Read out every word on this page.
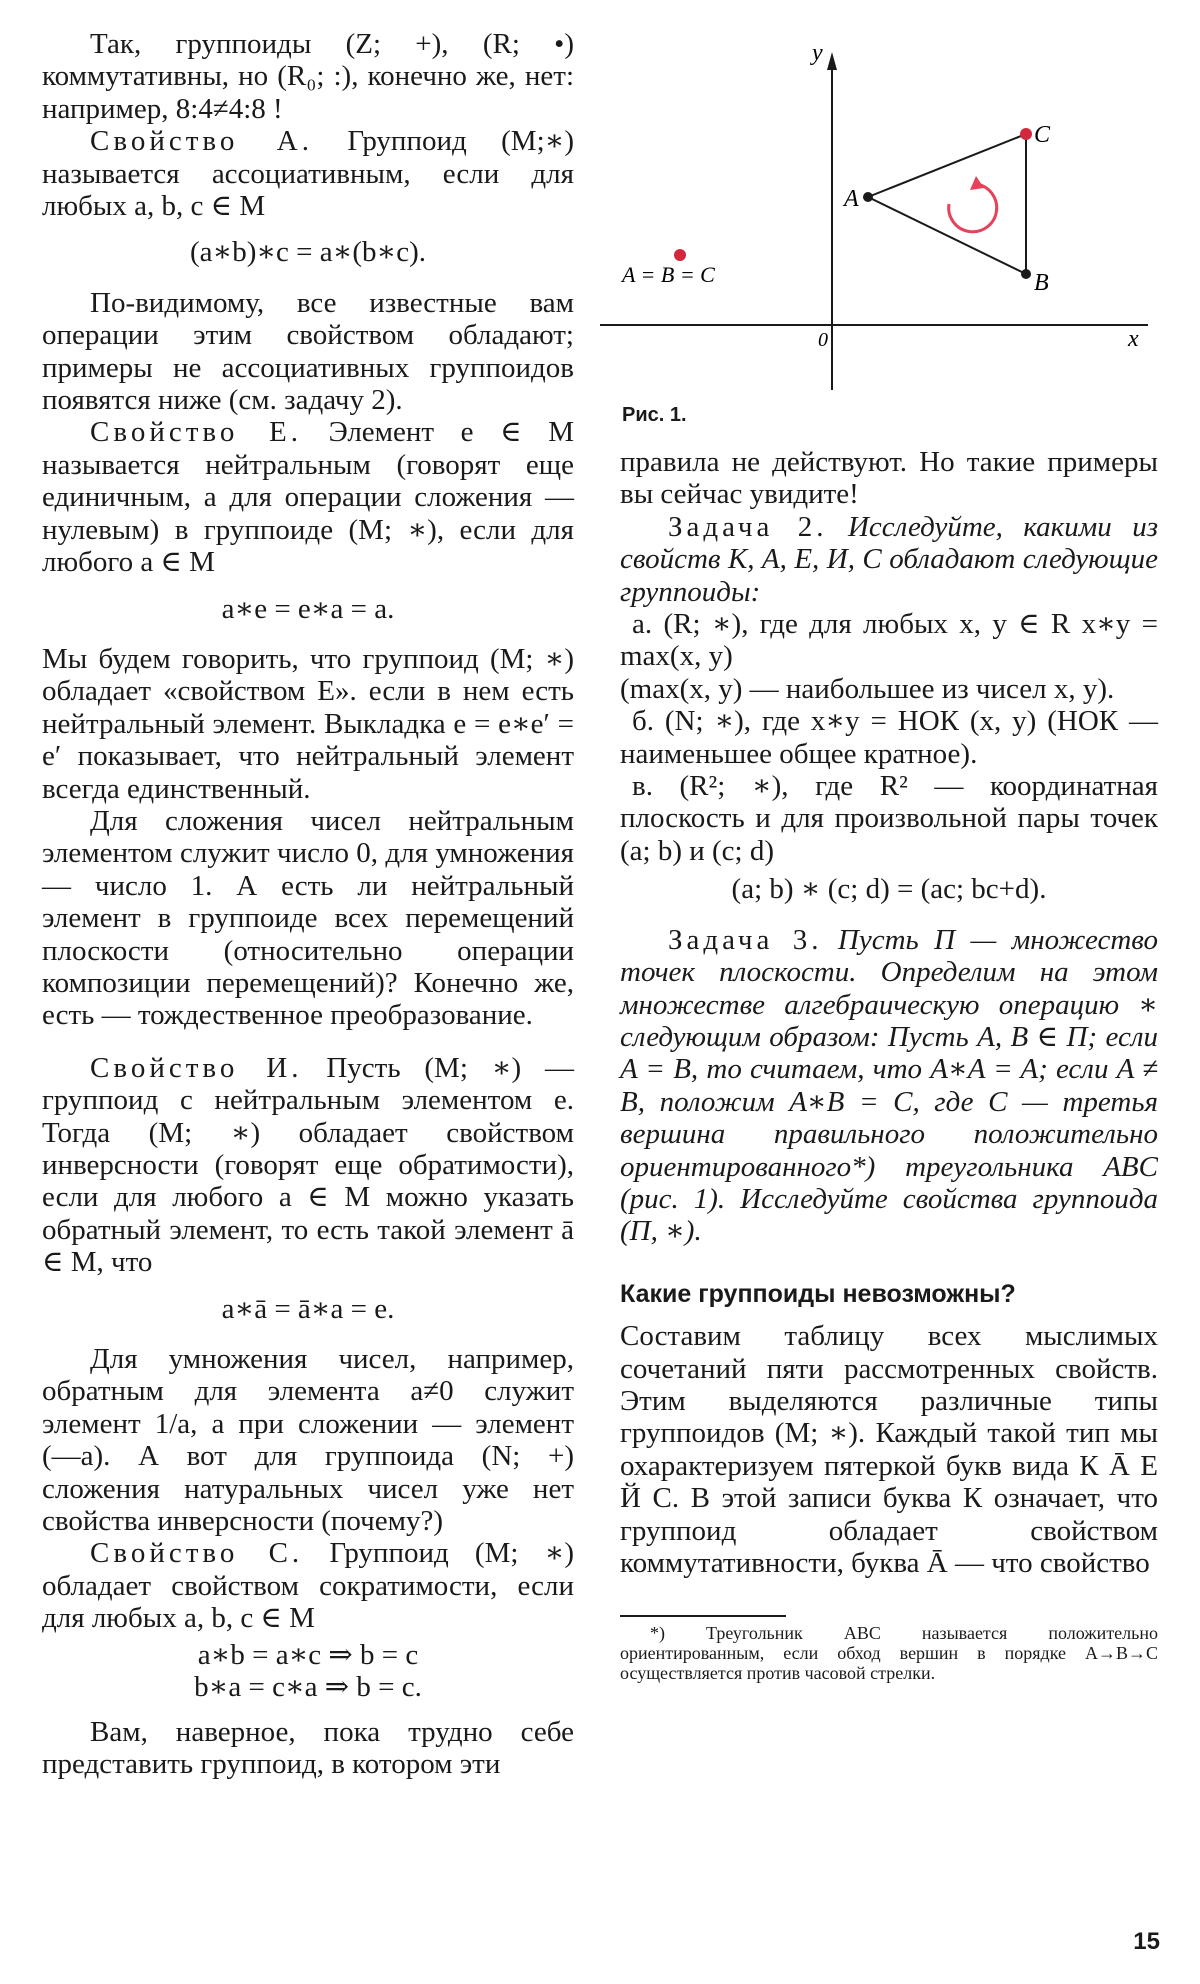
Так, группоиды (Z; +), (R; •) коммутативны, но (R₀; :), конечно же, нет: например, 8:4≠4:8 !

Свойство А. Группоид (M;∗) называется ассоциативным, если для любых a, b, c ∈ M

(a∗b)∗c = a∗(b∗c).

По-видимому, все известные вам операции этим свойством обладают; примеры не ассоциативных группоидов появятся ниже (см. задачу 2).

Свойство Е. Элемент e ∈ M называется нейтральным (говорят еще единичным, а для операции сложения — нулевым) в группоиде (M; ∗), если для любого a ∈ M

a∗e = e∗a = a.

Мы будем говорить, что группоид (M; ∗) обладает «свойством Е». если в нем есть нейтральный элемент. Выкладка e = e∗e′ = e′ показывает, что нейтральный элемент всегда единственный.

Для сложения чисел нейтральным элементом служит число 0, для умножения — число 1. А есть ли нейтральный элемент в группоиде всех перемещений плоскости (относительно операции композиции перемещений)? Конечно же, есть — тождественное преобразование.

Свойство И. Пусть (M; ∗) — группоид с нейтральным элементом e. Тогда (M; ∗) обладает свойством инверсности (говорят еще обратимости), если для любого a ∈ M можно указать обратный элемент, то есть такой элемент ā ∈ M, что

a∗ā = ā∗a = e.

Для умножения чисел, например, обратным для элемента a≠0 служит элемент 1/a, а при сложении — элемент (—a). А вот для группоида (N; +) сложения натуральных чисел уже нет свойства инверсности (почему?)

Свойство С. Группоид (M; ∗) обладает свойством сократимости, если для любых a, b, c ∈ M

a∗b = a∗c ⇒ b = c
b∗a = c∗a ⇒ b = c.

Вам, наверное, пока трудно себе представить группоид, в котором эти

y
x
0
A
B
C
A = B = C
Рис. 1.

правила не действуют. Но такие примеры вы сейчас увидите!

Задача 2. Исследуйте, какими из свойств К, А, Е, И, С обладают следующие группоиды:

а. (R; ∗), где для любых x, y ∈ R x∗y = max(x, y)

(max(x, y) — наибольшее из чисел x, y).

б. (N; ∗), где x∗y = НОК (x, y) (НОК — наименьшее общее кратное).

в. (R²; ∗), где R² — координатная плоскость и для произвольной пары точек (a; b) и (c; d)

(a; b) ∗ (c; d) = (ac; bc+d).

Задача 3. Пусть П — множество точек плоскости. Определим на этом множестве алгебраическую операцию ∗ следующим образом: Пусть A, B ∈ П; если A = B, то считаем, что A∗A = A; если A ≠ B, положим A∗B = C, где C — третья вершина правильного положительно ориентированного*) треугольника ABC (рис. 1). Исследуйте свойства группоида (П, ∗).

Какие группоиды невозможны?

Составим таблицу всех мыслимых сочетаний пяти рассмотренных свойств. Этим выделяются различные типы группоидов (M; ∗). Каждый такой тип мы охарактеризуем пятеркой букв вида К Ā Е Й С. В этой записи буква К означает, что группоид обладает свойством коммутативности, буква Ā — что свойство

*) Треугольник ABC называется положительно ориентированным, если обход вершин в порядке A→B→C осуществляется против часовой стрелки.

15
